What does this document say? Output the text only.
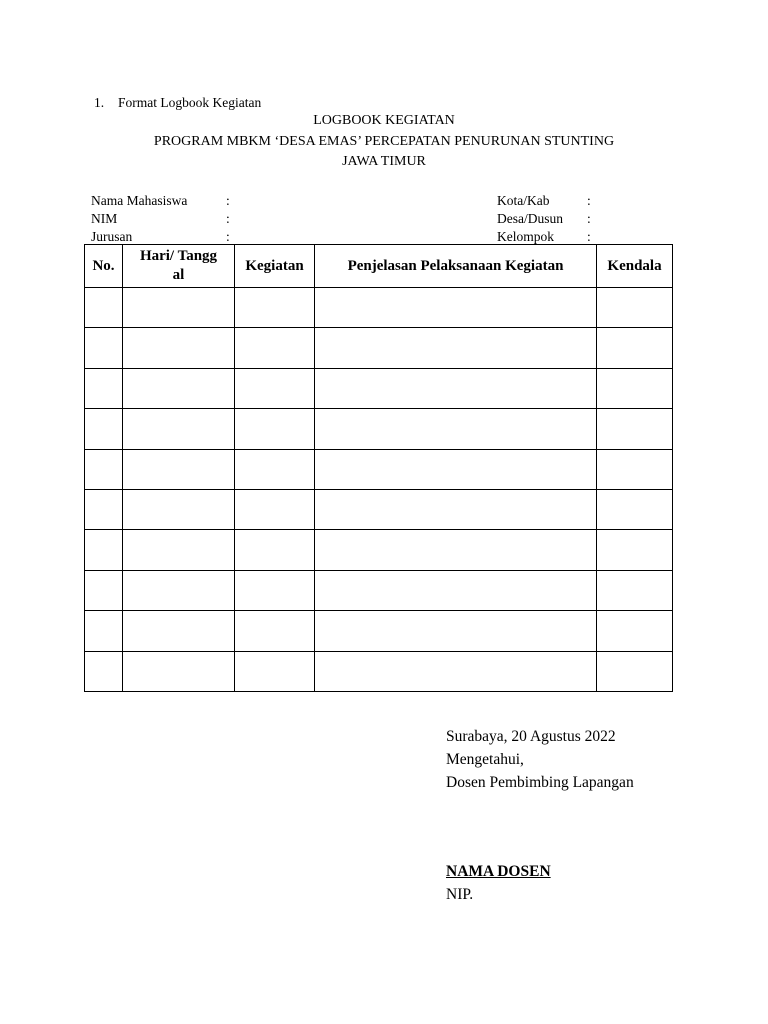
1. Format Logbook Kegiatan
LOGBOOK KEGIATAN
PROGRAM MBKM ‘DESA EMAS’ PERCEPATAN PENURUNAN STUNTING
JAWA TIMUR
Nama Mahasiswa	:
NIM	:
Jurusan	:
Kota/Kab	:
Desa/Dusun :
Kelompok :
No.	Hari/ Tanggal	Kegiatan	Penjelasan Pelaksanaan Kegiatan	Kendala

Surabaya, 20 Agustus 2022
Mengetahui,
Dosen Pembimbing Lapangan
NAMA DOSEN
NIP.
